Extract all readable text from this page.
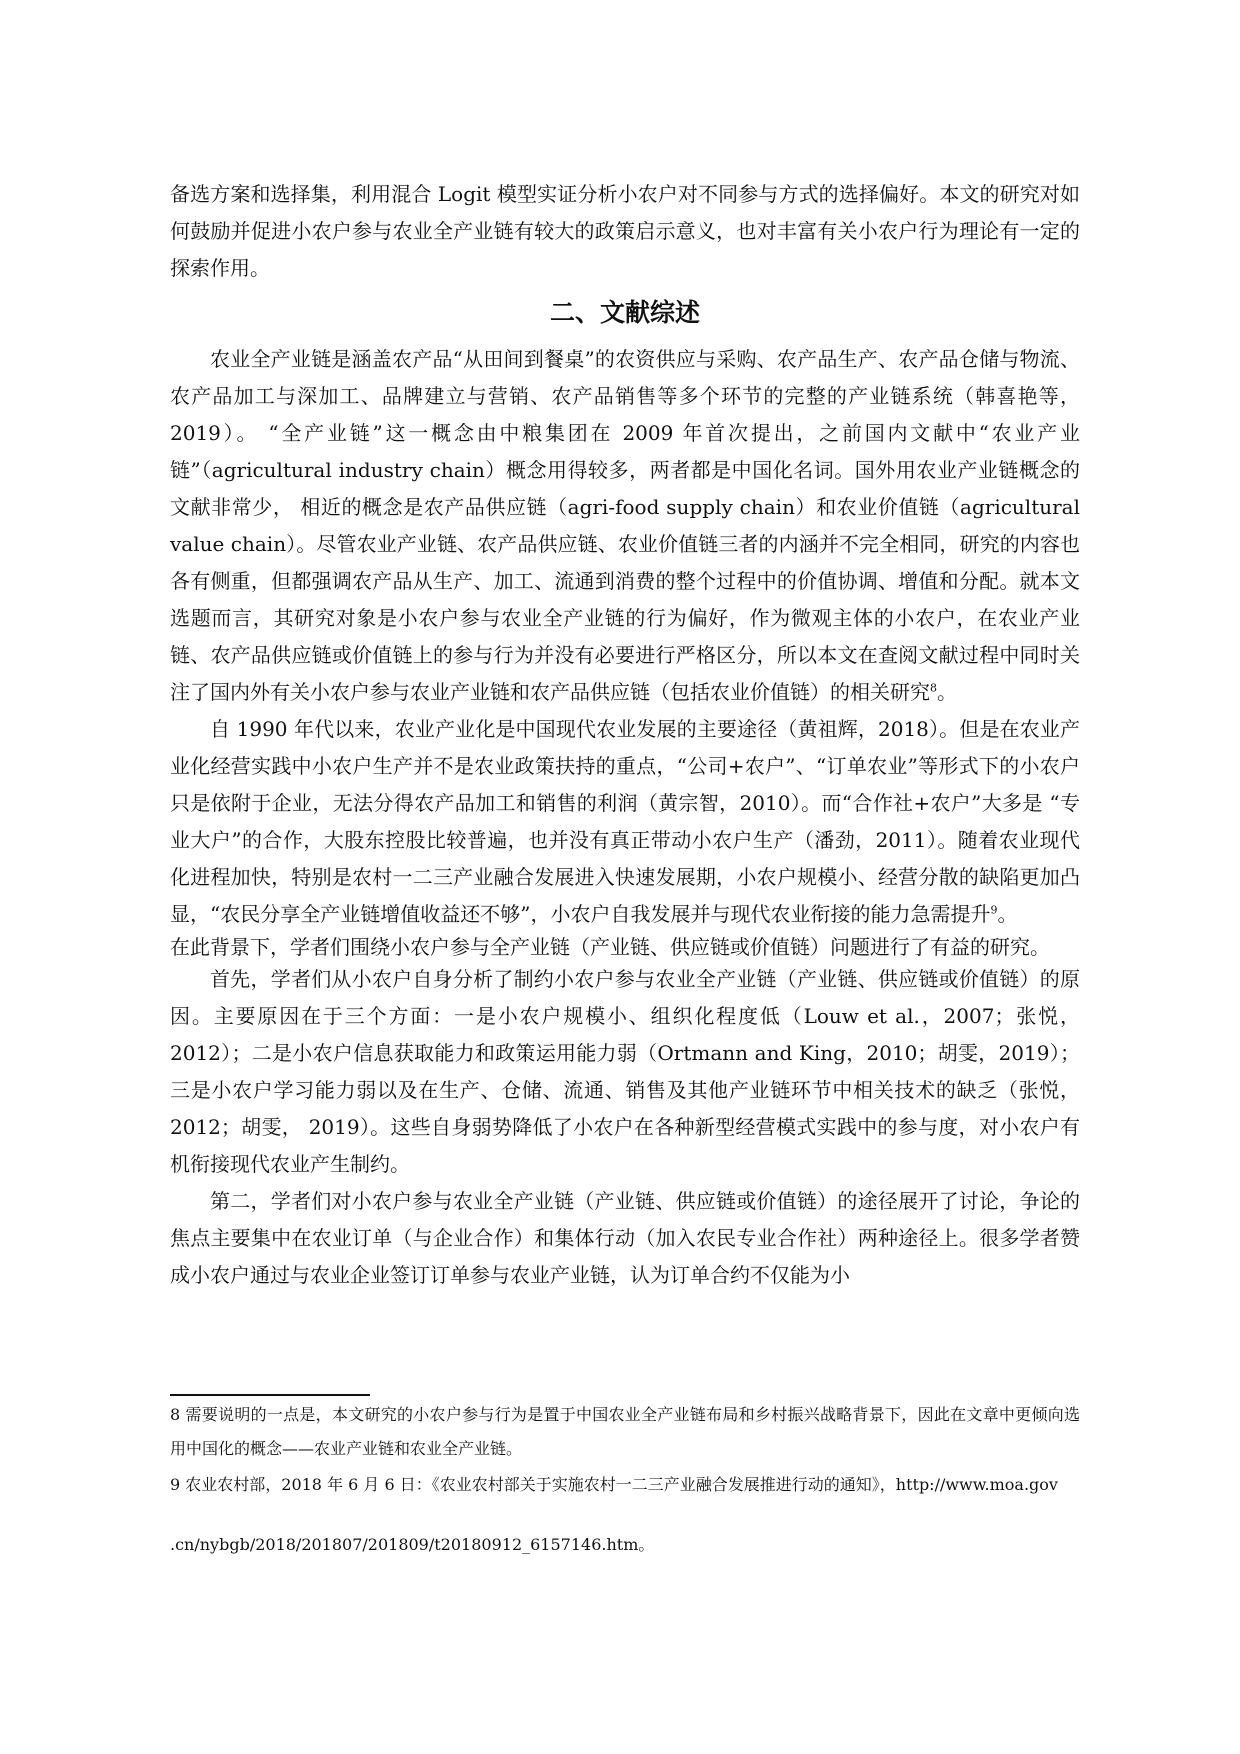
备选方案和选择集，利用混合 Logit 模型实证分析小农户对不同参与方式的选择偏好。本文的研究对如何鼓励并促进小农户参与农业全产业链有较大的政策启示意义，也对丰富有关小农户行为理论有一定的探索作用。

二、文献综述

农业全产业链是涵盖农产品“从田间到餐桌”的农资供应与采购、农产品生产、农产品仓储与物流、农产品加工与深加工、品牌建立与营销、农产品销售等多个环节的完整的产业链系统（韩喜艳等，2019）。 “全产业链”这一概念由中粮集团在 2009 年首次提出，之前国内文献中“农业产业链”（agricultural industry chain）概念用得较多，两者都是中国化名词。国外用农业产业链概念的文献非常少， 相近的概念是农产品供应链（agri-food supply chain）和农业价值链（agricultural value chain）。尽管农业产业链、农产品供应链、农业价值链三者的内涵并不完全相同，研究的内容也各有侧重，但都强调农产品从生产、加工、流通到消费的整个过程中的价值协调、增值和分配。就本文选题而言，其研究对象是小农户参与农业全产业链的行为偏好，作为微观主体的小农户，在农业产业链、农产品供应链或价值链上的参与行为并没有必要进行严格区分，所以本文在查阅文献过程中同时关注了国内外有关小农户参与农业产业链和农产品供应链（包括农业价值链）的相关研究$^8$。

自 1990 年代以来，农业产业化是中国现代农业发展的主要途径（黄祖辉，2018）。但是在农业产业化经营实践中小农户生产并不是农业政策扶持的重点，“公司+农户”、“订单农业”等形式下的小农户只是依附于企业，无法分得农产品加工和销售的利润（黄宗智，2010）。而“合作社+农户”大多是 “专业大户”的合作，大股东控股比较普遍，也并没有真正带动小农户生产（潘劲，2011）。随着农业现代化进程加快，特别是农村一二三产业融合发展进入快速发展期，小农户规模小、经营分散的缺陷更加凸显，“农民分享全产业链增值收益还不够”，小农户自我发展并与现代农业衔接的能力急需提升$^9$。

在此背景下，学者们围绕小农户参与全产业链（产业链、供应链或价值链）问题进行了有益的研究。

首先，学者们从小农户自身分析了制约小农户参与农业全产业链（产业链、供应链或价值链）的原因。主要原因在于三个方面：一是小农户规模小、组织化程度低（Louw et al.，2007；张悦，2012）；二是小农户信息获取能力和政策运用能力弱（Ortmann and King，2010；胡雯，2019）；三是小农户学习能力弱以及在生产、仓储、流通、销售及其他产业链环节中相关技术的缺乏（张悦，2012；胡雯， 2019）。这些自身弱势降低了小农户在各种新型经营模式实践中的参与度，对小农户有机衔接现代农业产生制约。

第二，学者们对小农户参与农业全产业链（产业链、供应链或价值链）的途径展开了讨论，争论的焦点主要集中在农业订单（与企业合作）和集体行动（加入农民专业合作社）两种途径上。很多学者赞成小农户通过与农业企业签订订单参与农业产业链，认为订单合约不仅能为小

8 需要说明的一点是，本文研究的小农户参与行为是置于中国农业全产业链布局和乡村振兴战略背景下，因此在文章中更倾向选用中国化的概念——农业产业链和农业全产业链。

9 农业农村部，2018 年 6 月 6 日：《农业农村部关于实施农村一二三产业融合发展推进行动的通知》，http://www.moa.gov

.cn/nybgb/2018/201807/201809/t20180912_6157146.htm。
